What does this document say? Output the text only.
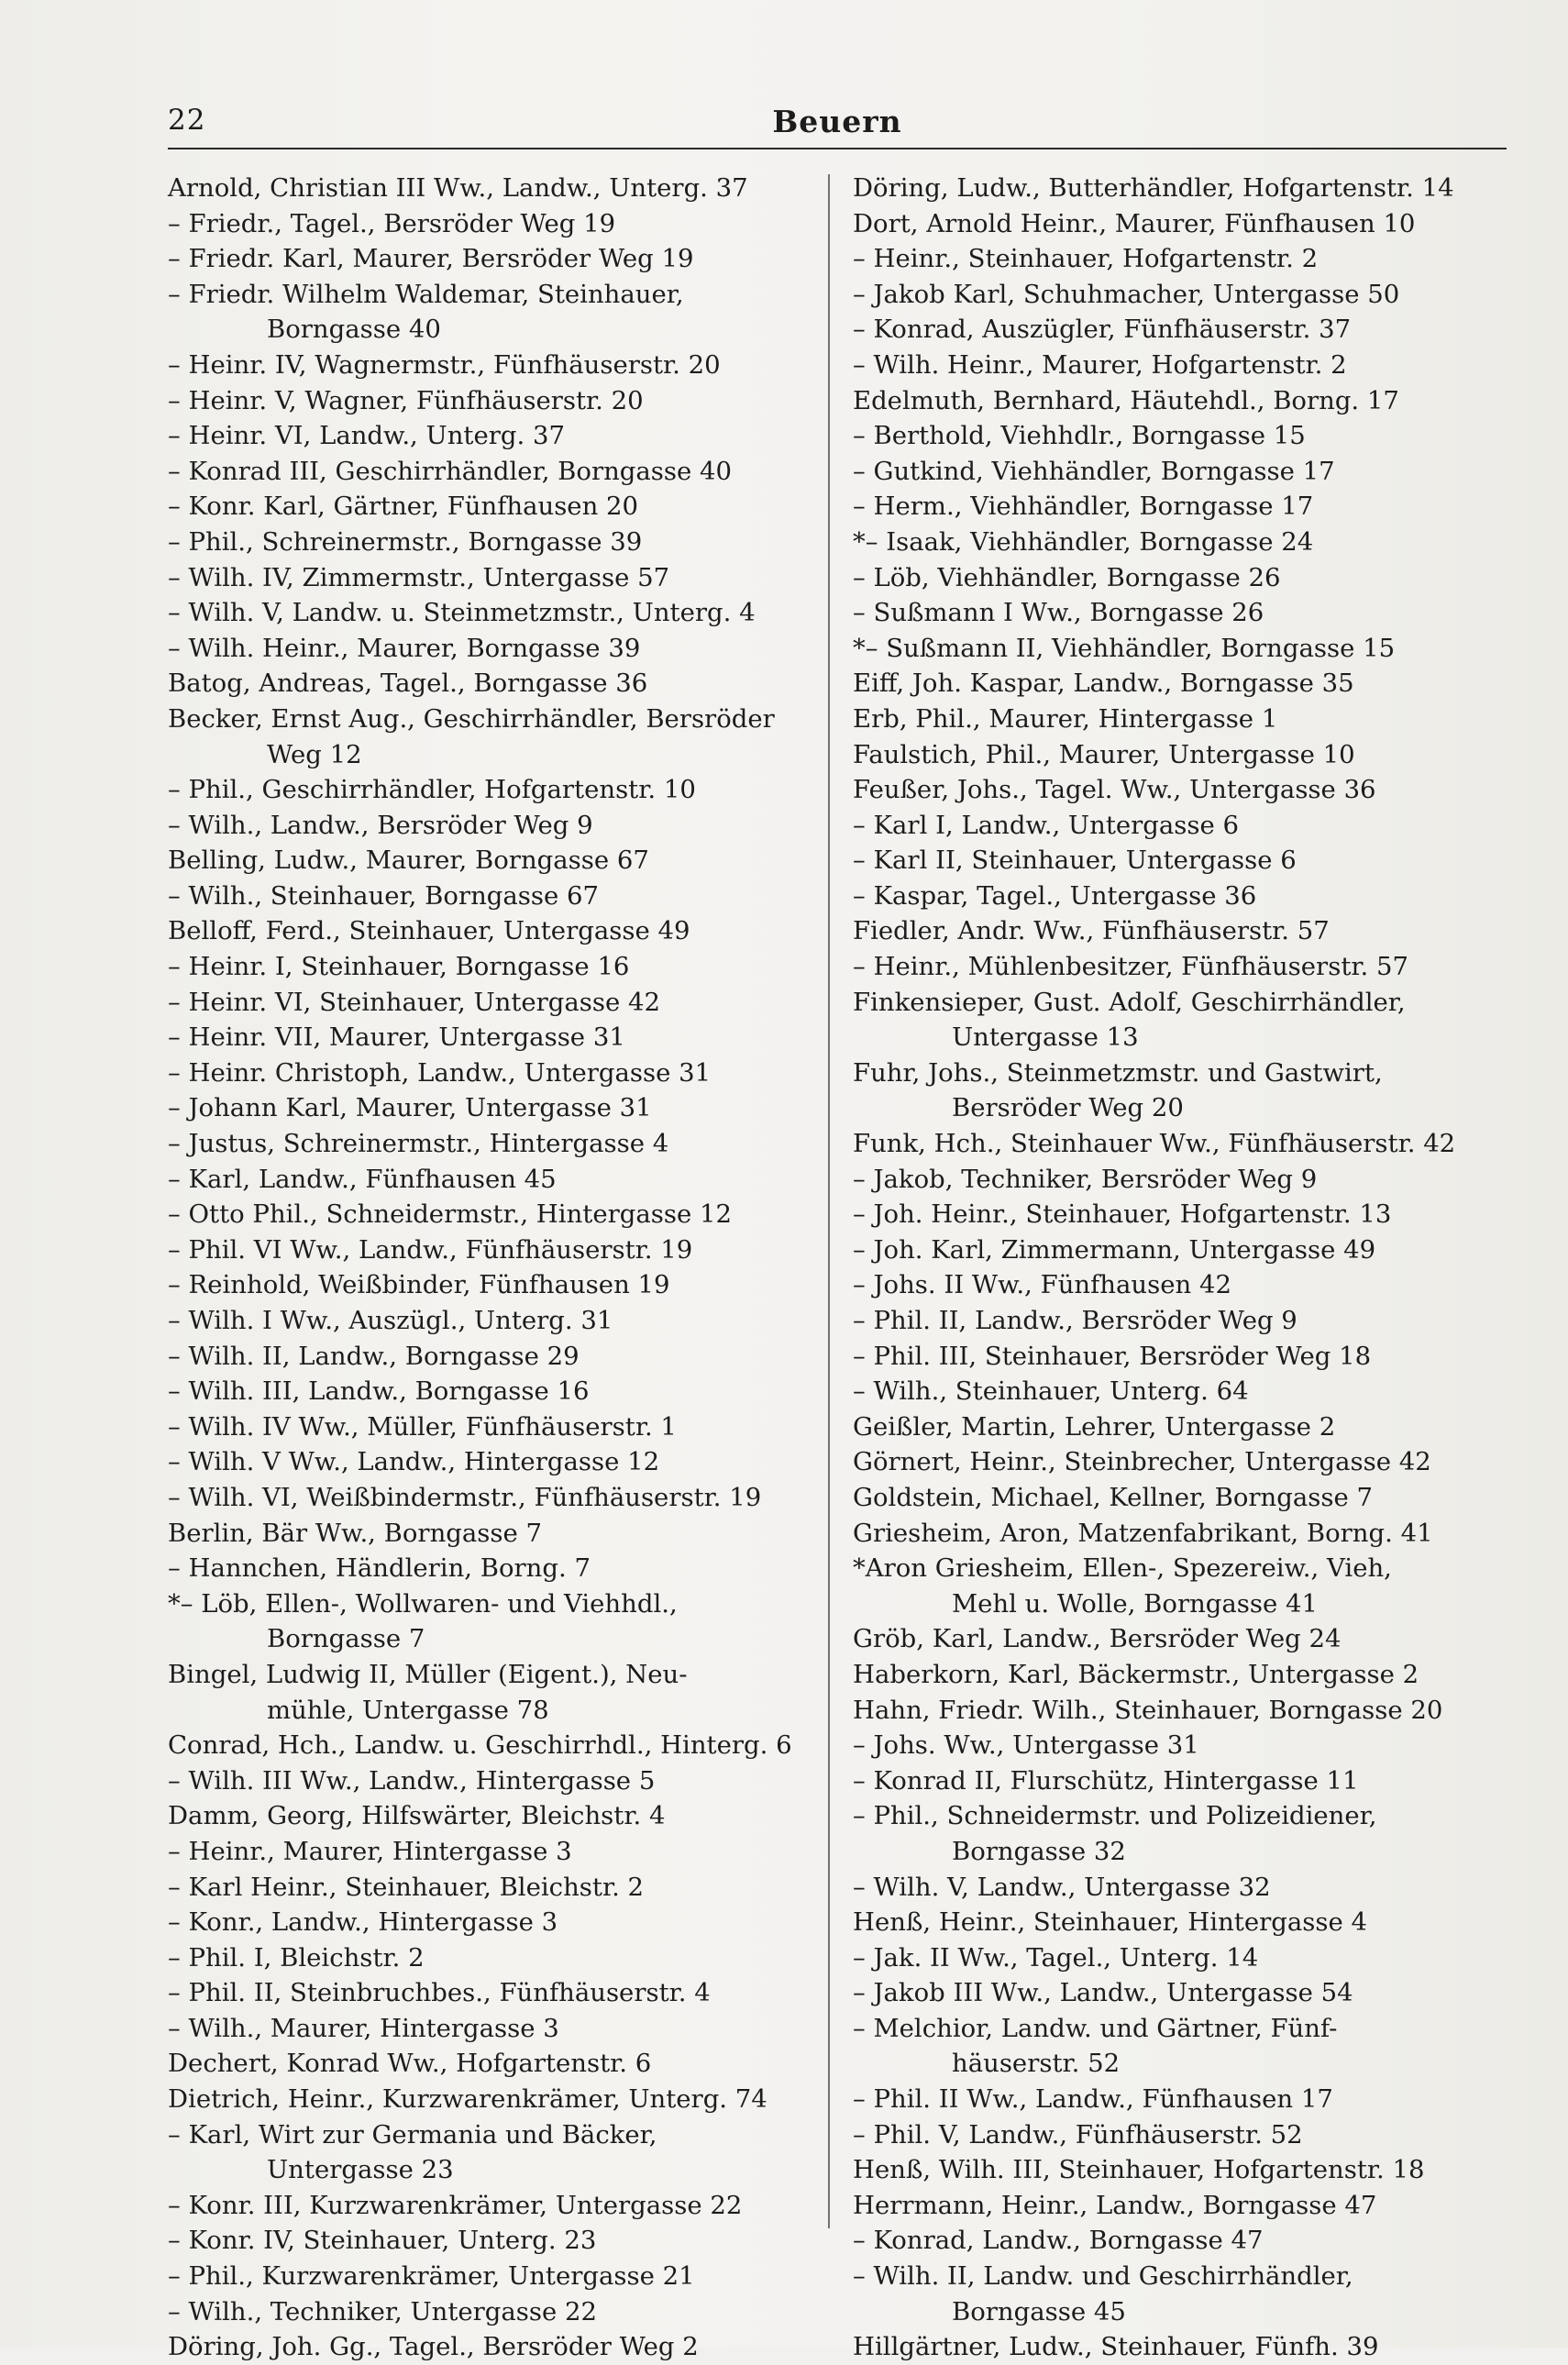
22	Beuern
Arnold, Christian III Ww., Landw., Unterg. 37
– Friedr., Tagel., Bersröder Weg 19
– Friedr. Karl, Maurer, Bersröder Weg 19
– Friedr. Wilhelm Waldemar, Steinhauer,
Borngasse 40
– Heinr. IV, Wagnermstr., Fünfhäuserstr. 20
– Heinr. V, Wagner, Fünfhäuserstr. 20
– Heinr. VI, Landw., Unterg. 37
– Konrad III, Geschirrhändler, Borngasse 40
– Konr. Karl, Gärtner, Fünfhausen 20
– Phil., Schreinermstr., Borngasse 39
– Wilh. IV, Zimmermstr., Untergasse 57
– Wilh. V, Landw. u. Steinmetzmstr., Unterg. 4
– Wilh. Heinr., Maurer, Borngasse 39
Batog, Andreas, Tagel., Borngasse 36
Becker, Ernst Aug., Geschirrhändler, Bersröder
Weg 12
– Phil., Geschirrhändler, Hofgartenstr. 10
– Wilh., Landw., Bersröder Weg 9
Belling, Ludw., Maurer, Borngasse 67
– Wilh., Steinhauer, Borngasse 67
Belloff, Ferd., Steinhauer, Untergasse 49
– Heinr. I, Steinhauer, Borngasse 16
– Heinr. VI, Steinhauer, Untergasse 42
– Heinr. VII, Maurer, Untergasse 31
– Heinr. Christoph, Landw., Untergasse 31
– Johann Karl, Maurer, Untergasse 31
– Justus, Schreinermstr., Hintergasse 4
– Karl, Landw., Fünfhausen 45
– Otto Phil., Schneidermstr., Hintergasse 12
– Phil. VI Ww., Landw., Fünfhäuserstr. 19
– Reinhold, Weißbinder, Fünfhausen 19
– Wilh. I Ww., Auszügl., Unterg. 31
– Wilh. II, Landw., Borngasse 29
– Wilh. III, Landw., Borngasse 16
– Wilh. IV Ww., Müller, Fünfhäuserstr. 1
– Wilh. V Ww., Landw., Hintergasse 12
– Wilh. VI, Weißbindermstr., Fünfhäuserstr. 19
Berlin, Bär Ww., Borngasse 7
– Hannchen, Händlerin, Borng. 7
*– Löb, Ellen-, Wollwaren- und Viehhdl.,
Borngasse 7
Bingel, Ludwig II, Müller (Eigent.), Neu-
mühle, Untergasse 78
Conrad, Hch., Landw. u. Geschirrhdl., Hinterg. 6
– Wilh. III Ww., Landw., Hintergasse 5
Damm, Georg, Hilfswärter, Bleichstr. 4
– Heinr., Maurer, Hintergasse 3
– Karl Heinr., Steinhauer, Bleichstr. 2
– Konr., Landw., Hintergasse 3
– Phil. I, Bleichstr. 2
– Phil. II, Steinbruchbes., Fünfhäuserstr. 4
– Wilh., Maurer, Hintergasse 3
Dechert, Konrad Ww., Hofgartenstr. 6
Dietrich, Heinr., Kurzwarenkrämer, Unterg. 74
– Karl, Wirt zur Germania und Bäcker,
Untergasse 23
– Konr. III, Kurzwarenkrämer, Untergasse 22
– Konr. IV, Steinhauer, Unterg. 23
– Phil., Kurzwarenkrämer, Untergasse 21
– Wilh., Techniker, Untergasse 22
Döring, Joh. Gg., Tagel., Bersröder Weg 2
Döring, Ludw., Butterhändler, Hofgartenstr. 14
Dort, Arnold Heinr., Maurer, Fünfhausen 10
– Heinr., Steinhauer, Hofgartenstr. 2
– Jakob Karl, Schuhmacher, Untergasse 50
– Konrad, Auszügler, Fünfhäuserstr. 37
– Wilh. Heinr., Maurer, Hofgartenstr. 2
Edelmuth, Bernhard, Häutehdl., Borng. 17
– Berthold, Viehhdlr., Borngasse 15
– Gutkind, Viehhändler, Borngasse 17
– Herm., Viehhändler, Borngasse 17
*– Isaak, Viehhändler, Borngasse 24
– Löb, Viehhändler, Borngasse 26
– Sußmann I Ww., Borngasse 26
*– Sußmann II, Viehhändler, Borngasse 15
Eiff, Joh. Kaspar, Landw., Borngasse 35
Erb, Phil., Maurer, Hintergasse 1
Faulstich, Phil., Maurer, Untergasse 10
Feußer, Johs., Tagel. Ww., Untergasse 36
– Karl I, Landw., Untergasse 6
– Karl II, Steinhauer, Untergasse 6
– Kaspar, Tagel., Untergasse 36
Fiedler, Andr. Ww., Fünfhäuserstr. 57
– Heinr., Mühlenbesitzer, Fünfhäuserstr. 57
Finkensieper, Gust. Adolf, Geschirrhändler,
Untergasse 13
Fuhr, Johs., Steinmetzmstr. und Gastwirt,
Bersröder Weg 20
Funk, Hch., Steinhauer Ww., Fünfhäuserstr. 42
– Jakob, Techniker, Bersröder Weg 9
– Joh. Heinr., Steinhauer, Hofgartenstr. 13
– Joh. Karl, Zimmermann, Untergasse 49
– Johs. II Ww., Fünfhausen 42
– Phil. II, Landw., Bersröder Weg 9
– Phil. III, Steinhauer, Bersröder Weg 18
– Wilh., Steinhauer, Unterg. 64
Geißler, Martin, Lehrer, Untergasse 2
Görnert, Heinr., Steinbrecher, Untergasse 42
Goldstein, Michael, Kellner, Borngasse 7
Griesheim, Aron, Matzenfabrikant, Borng. 41
*Aron Griesheim, Ellen-, Spezereiw., Vieh,
Mehl u. Wolle, Borngasse 41
Gröb, Karl, Landw., Bersröder Weg 24
Haberkorn, Karl, Bäckermstr., Untergasse 2
Hahn, Friedr. Wilh., Steinhauer, Borngasse 20
– Johs. Ww., Untergasse 31
– Konrad II, Flurschütz, Hintergasse 11
– Phil., Schneidermstr. und Polizeidiener,
Borngasse 32
– Wilh. V, Landw., Untergasse 32
Henß, Heinr., Steinhauer, Hintergasse 4
– Jak. II Ww., Tagel., Unterg. 14
– Jakob III Ww., Landw., Untergasse 54
– Melchior, Landw. und Gärtner, Fünf-
häuserstr. 52
– Phil. II Ww., Landw., Fünfhausen 17
– Phil. V, Landw., Fünfhäuserstr. 52
Henß, Wilh. III, Steinhauer, Hofgartenstr. 18
Herrmann, Heinr., Landw., Borngasse 47
– Konrad, Landw., Borngasse 47
– Wilh. II, Landw. und Geschirrhändler,
Borngasse 45
Hillgärtner, Ludw., Steinhauer, Fünfh. 39
